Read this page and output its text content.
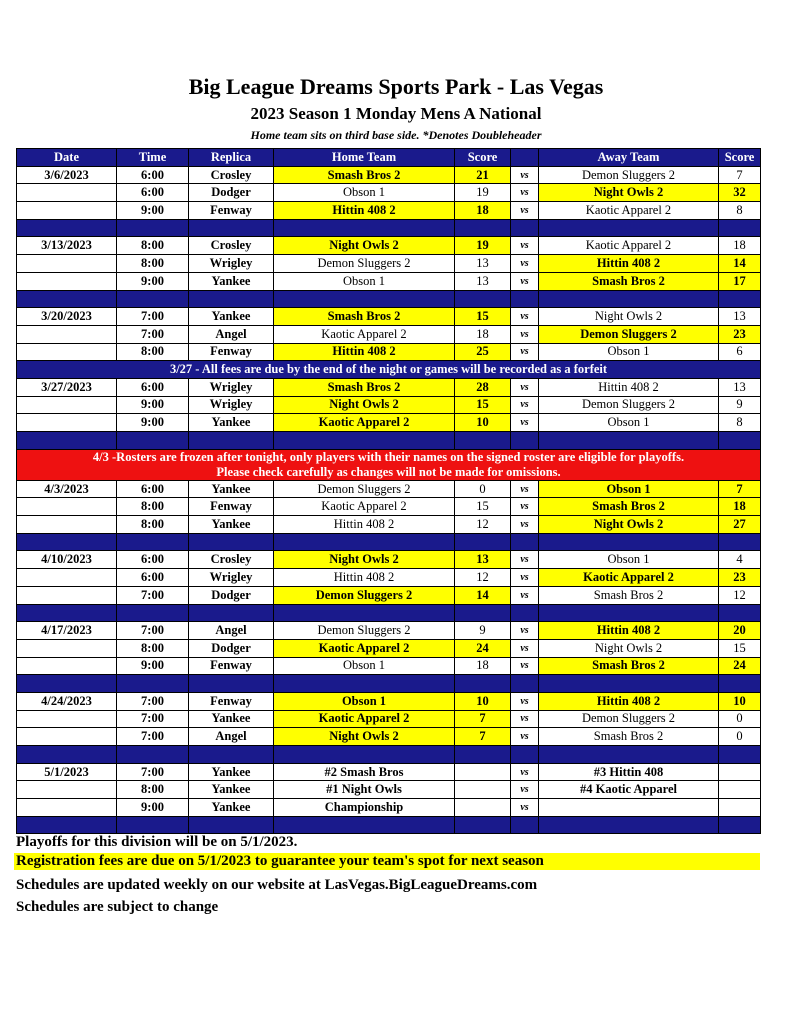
Big League Dreams Sports Park - Las Vegas
2023 Season 1 Monday Mens A National
Home team sits on third base side. *Denotes Doubleheader
Date	Time	Replica	Home Team	Score		Away Team	Score
3/6/2023	6:00	Crosley	Smash Bros 2	21	vs	Demon Sluggers 2	7
	6:00	Dodger	Obson 1	19	vs	Night Owls 2	32
	9:00	Fenway	Hittin 408 2	18	vs	Kaotic Apparel 2	8

3/13/2023	8:00	Crosley	Night Owls 2	19	vs	Kaotic Apparel 2	18
	8:00	Wrigley	Demon Sluggers 2	13	vs	Hittin 408 2	14
	9:00	Yankee	Obson 1	13	vs	Smash Bros 2	17

3/20/2023	7:00	Yankee	Smash Bros 2	15	vs	Night Owls 2	13
	7:00	Angel	Kaotic Apparel 2	18	vs	Demon Sluggers 2	23
	8:00	Fenway	Hittin 408 2	25	vs	Obson 1	6
3/27 - All fees are due by the end of the night or games will be recorded as a forfeit							
3/27/2023	6:00	Wrigley	Smash Bros 2	28	vs	Hittin 408 2	13
	9:00	Wrigley	Night Owls 2	15	vs	Demon Sluggers 2	9
	9:00	Yankee	Kaotic Apparel 2	10	vs	Obson 1	8

4/3 -Rosters are frozen after tonight, only players with their names on the signed roster are eligible for playoffs.
Please check carefully as changes will not be made for omissions.							

4/3/2023	6:00	Yankee	Demon Sluggers 2	0	vs	Obson 1	7
	8:00	Fenway	Kaotic Apparel 2	15	vs	Smash Bros 2	18
	8:00	Yankee	Hittin 408 2	12	vs	Night Owls 2	27

4/10/2023	6:00	Crosley	Night Owls 2	13	vs	Obson 1	4
	6:00	Wrigley	Hittin 408 2	12	vs	Kaotic Apparel 2	23
	7:00	Dodger	Demon Sluggers 2	14	vs	Smash Bros 2	12

4/17/2023	7:00	Angel	Demon Sluggers 2	9	vs	Hittin 408 2	20
	8:00	Dodger	Kaotic Apparel 2	24	vs	Night Owls 2	15
	9:00	Fenway	Obson 1	18	vs	Smash Bros 2	24

4/24/2023	7:00	Fenway	Obson 1	10	vs	Hittin 408 2	10
	7:00	Yankee	Kaotic Apparel 2	7	vs	Demon Sluggers 2	0
	7:00	Angel	Night Owls 2	7	vs	Smash Bros 2	0

5/1/2023	7:00	Yankee	#2 Smash Bros		vs	#3 Hittin 408	
	8:00	Yankee	#1 Night Owls		vs	#4 Kaotic Apparel	
	9:00	Yankee	Championship		vs		

Playoffs for this division will be on 5/1/2023.
Registration fees are due on 5/1/2023 to guarantee your team's spot for next season
Schedules are updated weekly on our website at LasVegas.BigLeagueDreams.com
Schedules are subject to change
